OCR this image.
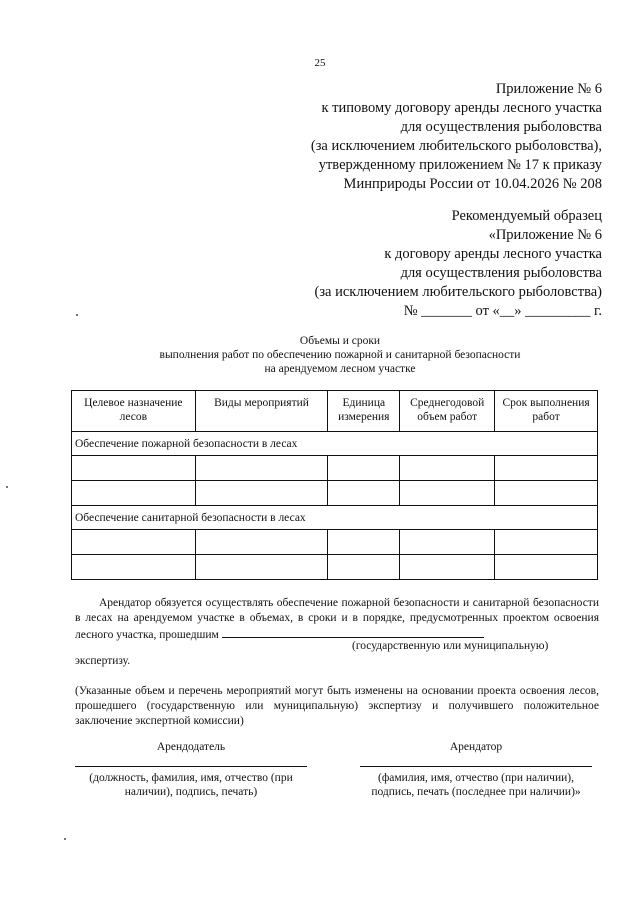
25
Приложение № 6
к типовому договору аренды лесного участка
для осуществления рыболовства
(за исключением любительского рыболовства),
утвержденному приложением № 17 к приказу
Минприроды России от 10.04.2026 № 208
Рекомендуемый образец
«Приложение № 6
к договору аренды лесного участка
для осуществления рыболовства
(за исключением любительского рыболовства)
№ _______ от «__» _________ г.
Объемы и сроки
выполнения работ по обеспечению пожарной и санитарной безопасности
на арендуемом лесном участке
Целевое назначение лесов	Виды мероприятий	Единица измерения	Среднегодовой объем работ	Срок выполнения работ
Обеспечение пожарной безопасности в лесах				

Обеспечение санитарной безопасности в лесах				

Арендатор обязуется осуществлять обеспечение пожарной безопасности и санитарной безопасности в лесах на арендуемом участке в объемах, в сроки и в порядке, предусмотренных проектом освоения лесного участка, прошедшим
(государственную или муниципальную)
экспертизу.
(Указанные объем и перечень мероприятий могут быть изменены на основании проекта освоения лесов, прошедшего (государственную или муниципальную) экспертизу и получившего положительное заключение экспертной комиссии)
Арендодатель
(должность, фамилия, имя, отчество (при наличии), подпись, печать)
Арендатор
(фамилия, имя, отчество (при наличии), подпись, печать (последнее при наличии)»
